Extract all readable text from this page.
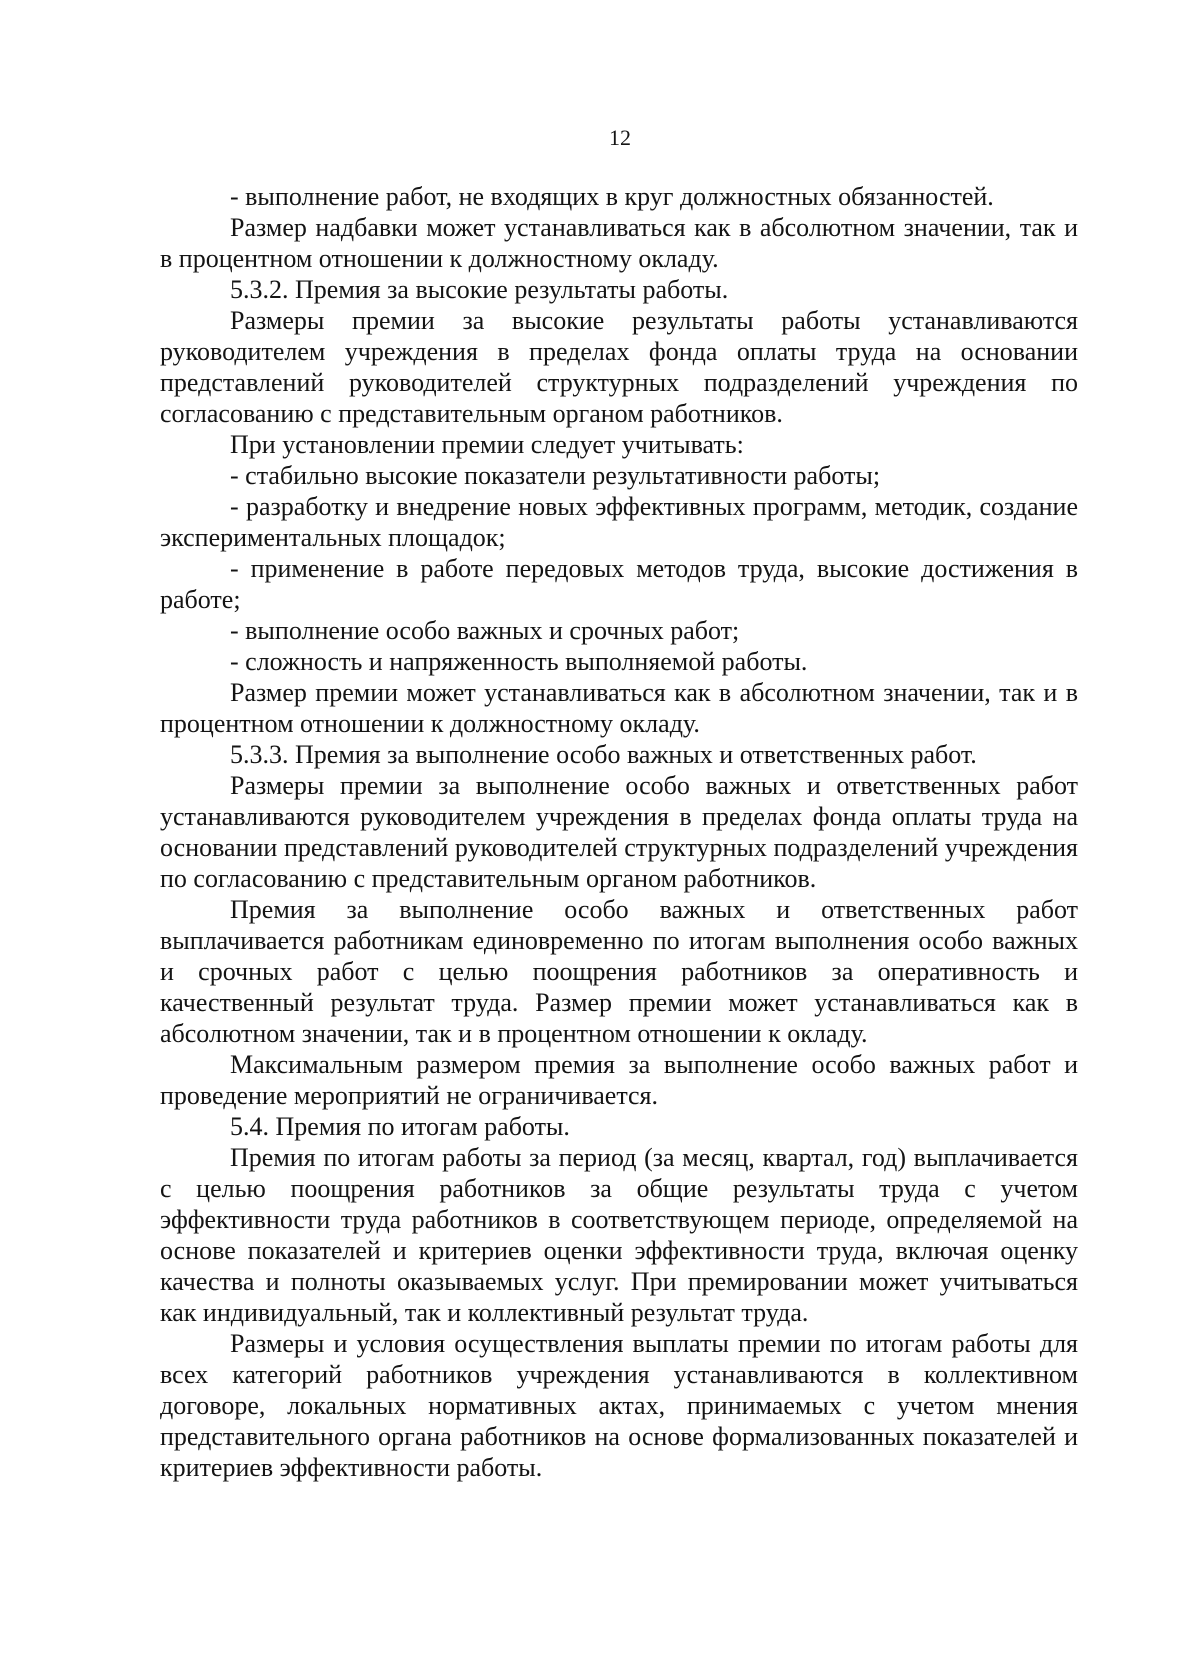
12

- выполнение работ, не входящих в круг должностных обязанностей.

Размер надбавки может устанавливаться как в абсолютном значении, так и в процентном отношении к должностному окладу.

5.3.2. Премия за высокие результаты работы.

Размеры премии за высокие результаты работы устанавливаются руководителем учреждения в пределах фонда оплаты труда на основании представлений руководителей структурных подразделений учреждения по согласованию с представительным органом работников.

При установлении премии следует учитывать:

- стабильно высокие показатели результативности работы;

- разработку и внедрение новых эффективных программ, методик, создание экспериментальных площадок;

- применение в работе передовых методов труда, высокие достижения в работе;

- выполнение особо важных и срочных работ;

- сложность и напряженность выполняемой работы.

Размер премии может устанавливаться как в абсолютном значении, так и в процентном отношении к должностному окладу.

5.3.3. Премия за выполнение особо важных и ответственных работ.

Размеры премии за выполнение особо важных и ответственных работ устанавливаются руководителем учреждения в пределах фонда оплаты труда на основании представлений руководителей структурных подразделений учреждения по согласованию с представительным органом работников.

Премия за выполнение особо важных и ответственных работ выплачивается работникам единовременно по итогам выполнения особо важных и срочных работ с целью поощрения работников за оперативность и качественный результат труда. Размер премии может устанавливаться как в абсолютном значении, так и в процентном отношении к окладу.

Максимальным размером премия за выполнение особо важных работ и проведение мероприятий не ограничивается.

5.4. Премия по итогам работы.

Премия по итогам работы за период (за месяц, квартал, год) выплачивается с целью поощрения работников за общие результаты труда с учетом эффективности труда работников в соответствующем периоде, определяемой на основе показателей и критериев оценки эффективности труда, включая оценку качества и полноты оказываемых услуг. При премировании может учитываться как индивидуальный, так и коллективный результат труда.

Размеры и условия осуществления выплаты премии по итогам работы для всех категорий работников учреждения устанавливаются в коллективном договоре, локальных нормативных актах, принимаемых с учетом мнения представительного органа работников на основе формализованных показателей и критериев эффективности работы.
